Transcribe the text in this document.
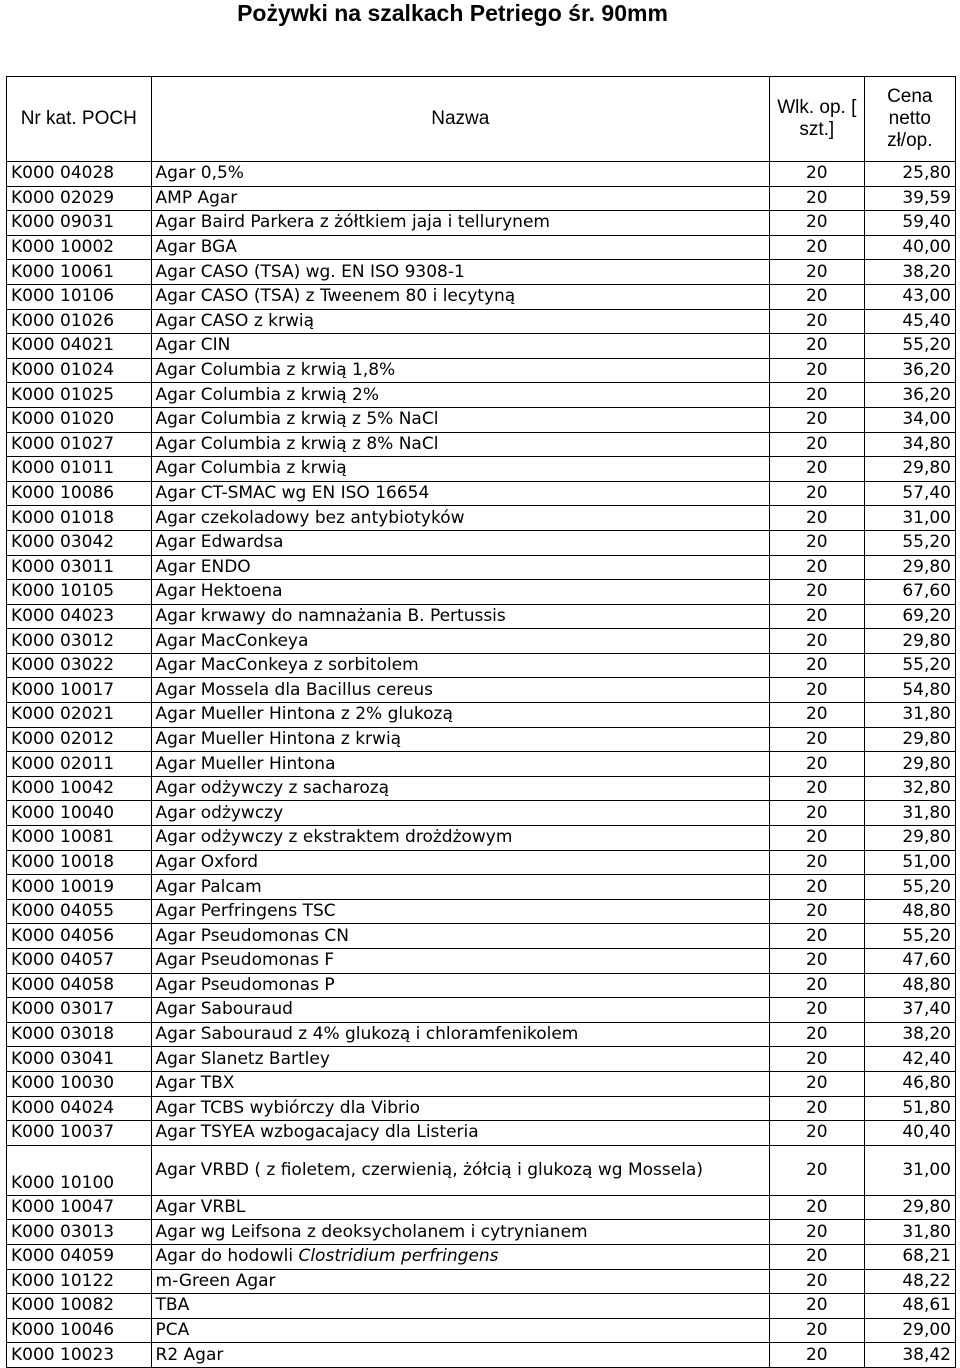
Pożywki na szalkach Petriego śr. 90mm
Nr kat. POCH	Nazwa	Wlk. op. [ szt.]	Cena netto zł/op.
K000 04028	Agar 0,5%	20	25,80
K000 02029	AMP Agar	20	39,59
K000 09031	Agar Baird Parkera z żółtkiem jaja i tellurynem	20	59,40
K000 10002	Agar BGA	20	40,00
K000 10061	Agar CASO (TSA) wg. EN ISO 9308-1	20	38,20
K000 10106	Agar CASO (TSA) z Tweenem 80 i lecytyną	20	43,00
K000 01026	Agar CASO z krwią	20	45,40
K000 04021	Agar CIN	20	55,20
K000 01024	Agar Columbia z krwią 1,8%	20	36,20
K000 01025	Agar Columbia z krwią 2%	20	36,20
K000 01020	Agar Columbia z krwią z 5% NaCl	20	34,00
K000 01027	Agar Columbia z krwią z 8% NaCl	20	34,80
K000 01011	Agar Columbia z krwią	20	29,80
K000 10086	Agar CT-SMAC wg EN ISO 16654	20	57,40
K000 01018	Agar czekoladowy bez antybiotyków	20	31,00
K000 03042	Agar Edwardsa	20	55,20
K000 03011	Agar ENDO	20	29,80
K000 10105	Agar Hektoena	20	67,60
K000 04023	Agar krwawy do namnażania B. Pertussis	20	69,20
K000 03012	Agar MacConkeya	20	29,80
K000 03022	Agar MacConkeya z sorbitolem	20	55,20
K000 10017	Agar Mossela dla Bacillus cereus	20	54,80
K000 02021	Agar Mueller Hintona z 2% glukozą	20	31,80
K000 02012	Agar Mueller Hintona z krwią	20	29,80
K000 02011	Agar Mueller Hintona	20	29,80
K000 10042	Agar odżywczy z sacharozą	20	32,80
K000 10040	Agar odżywczy	20	31,80
K000 10081	Agar odżywczy z ekstraktem drożdżowym	20	29,80
K000 10018	Agar Oxford	20	51,00
K000 10019	Agar Palcam	20	55,20
K000 04055	Agar Perfringens TSC	20	48,80
K000 04056	Agar Pseudomonas CN	20	55,20
K000 04057	Agar Pseudomonas F	20	47,60
K000 04058	Agar Pseudomonas P	20	48,80
K000 03017	Agar Sabouraud	20	37,40
K000 03018	Agar Sabouraud z 4% glukozą i chloramfenikolem	20	38,20
K000 03041	Agar Slanetz Bartley	20	42,40
K000 10030	Agar TBX	20	46,80
K000 04024	Agar TCBS wybiórczy dla Vibrio	20	51,80
K000 10037	Agar TSYEA wzbogacajacy dla Listeria	20	40,40
K000 10100	Agar VRBD ( z fioletem, czerwienią, żółcią i glukozą wg Mossela)	20	31,00
K000 10047	Agar VRBL	20	29,80
K000 03013	Agar wg Leifsona z deoksycholanem i cytrynianem	20	31,80
K000 04059	Agar do hodowli Clostridium perfringens	20	68,21
K000 10122	m-Green Agar	20	48,22
K000 10082	TBA	20	48,61
K000 10046	PCA	20	29,00
K000 10023	R2 Agar	20	38,42
